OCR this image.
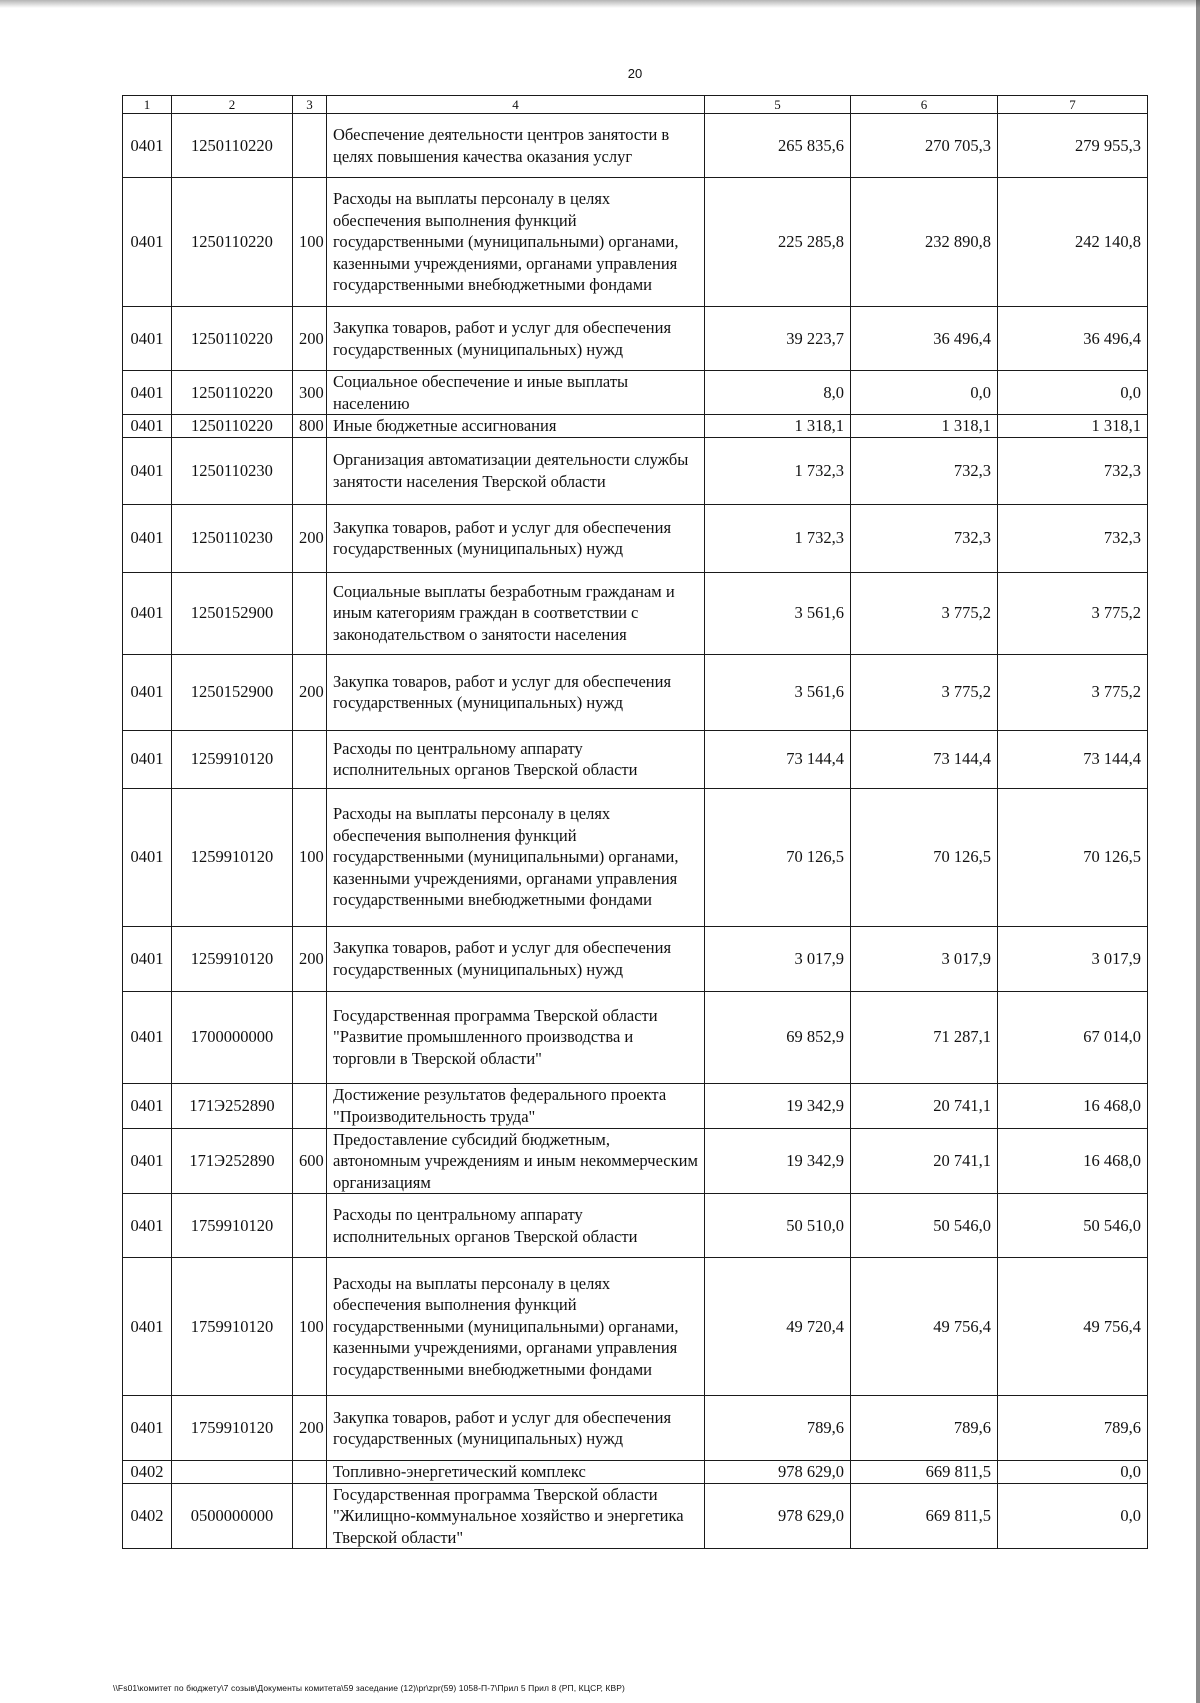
20
1	2	3	4	5	6	7
0401	1250110220		Обеспечение деятельности центров занятости в целях повышения качества оказания услуг	265 835,6	270 705,3	279 955,3
0401	1250110220	100	Расходы на выплаты персоналу в целях обеспечения выполнения функций государственными (муниципальными) органами, казенными учреждениями, органами управления государственными внебюджетными фондами	225 285,8	232 890,8	242 140,8
0401	1250110220	200	Закупка товаров, работ и услуг для обеспечения государственных (муниципальных) нужд	39 223,7	36 496,4	36 496,4
0401	1250110220	300	Социальное обеспечение и иные выплаты населению	8,0	0,0	0,0
0401	1250110220	800	Иные бюджетные ассигнования	1 318,1	1 318,1	1 318,1
0401	1250110230		Организация автоматизации деятельности службы занятости населения Тверской области	1 732,3	732,3	732,3
0401	1250110230	200	Закупка товаров, работ и услуг для обеспечения государственных (муниципальных) нужд	1 732,3	732,3	732,3
0401	1250152900		Социальные выплаты безработным гражданам и иным категориям граждан в соответствии с законодательством о занятости населения	3 561,6	3 775,2	3 775,2
0401	1250152900	200	Закупка товаров, работ и услуг для обеспечения государственных (муниципальных) нужд	3 561,6	3 775,2	3 775,2
0401	1259910120		Расходы по центральному аппарату исполнительных органов Тверской области	73 144,4	73 144,4	73 144,4
0401	1259910120	100	Расходы на выплаты персоналу в целях обеспечения выполнения функций государственными (муниципальными) органами, казенными учреждениями, органами управления государственными внебюджетными фондами	70 126,5	70 126,5	70 126,5
0401	1259910120	200	Закупка товаров, работ и услуг для обеспечения государственных (муниципальных) нужд	3 017,9	3 017,9	3 017,9
0401	1700000000		Государственная программа Тверской области "Развитие промышленного производства и торговли в Тверской области"	69 852,9	71 287,1	67 014,0
0401	171Э252890		Достижение результатов федерального проекта "Производительность труда"	19 342,9	20 741,1	16 468,0
0401	171Э252890	600	Предоставление субсидий бюджетным, автономным учреждениям и иным некоммерческим организациям	19 342,9	20 741,1	16 468,0
0401	1759910120		Расходы по центральному аппарату исполнительных органов Тверской области	50 510,0	50 546,0	50 546,0
0401	1759910120	100	Расходы на выплаты персоналу в целях обеспечения выполнения функций государственными (муниципальными) органами, казенными учреждениями, органами управления государственными внебюджетными фондами	49 720,4	49 756,4	49 756,4
0401	1759910120	200	Закупка товаров, работ и услуг для обеспечения государственных (муниципальных) нужд	789,6	789,6	789,6
0402			Топливно-энергетический комплекс	978 629,0	669 811,5	0,0
0402	0500000000		Государственная программа Тверской области "Жилищно-коммунальное хозяйство и энергетика Тверской области"	978 629,0	669 811,5	0,0
\\Fs01\комитет по бюджету\7 созыв\Документы комитета\59 заседание (12)\pr\zpr(59) 1058-П-7\Прил 5 Прил 8 (РП, КЦСР, КВР)
